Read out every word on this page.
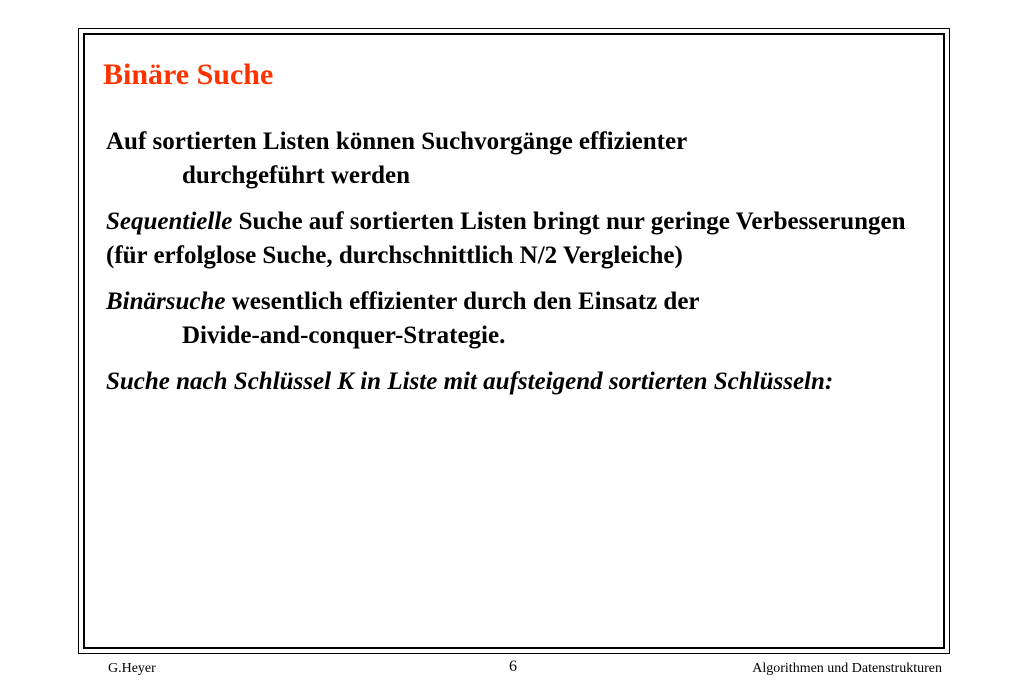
Binäre Suche

Auf sortierten Listen können Suchvorgänge effizienter
durchgeführt werden

Sequentielle Suche auf sortierten Listen bringt nur geringe Verbesserungen (für erfolglose Suche, durchschnittlich N/2 Vergleiche)

Binärsuche wesentlich effizienter durch den Einsatz der
Divide-and-conquer-Strategie.

Suche nach Schlüssel K in Liste mit aufsteigend sortierten Schlüsseln:

G.Heyer	6	Algorithmen und Datenstrukturen
